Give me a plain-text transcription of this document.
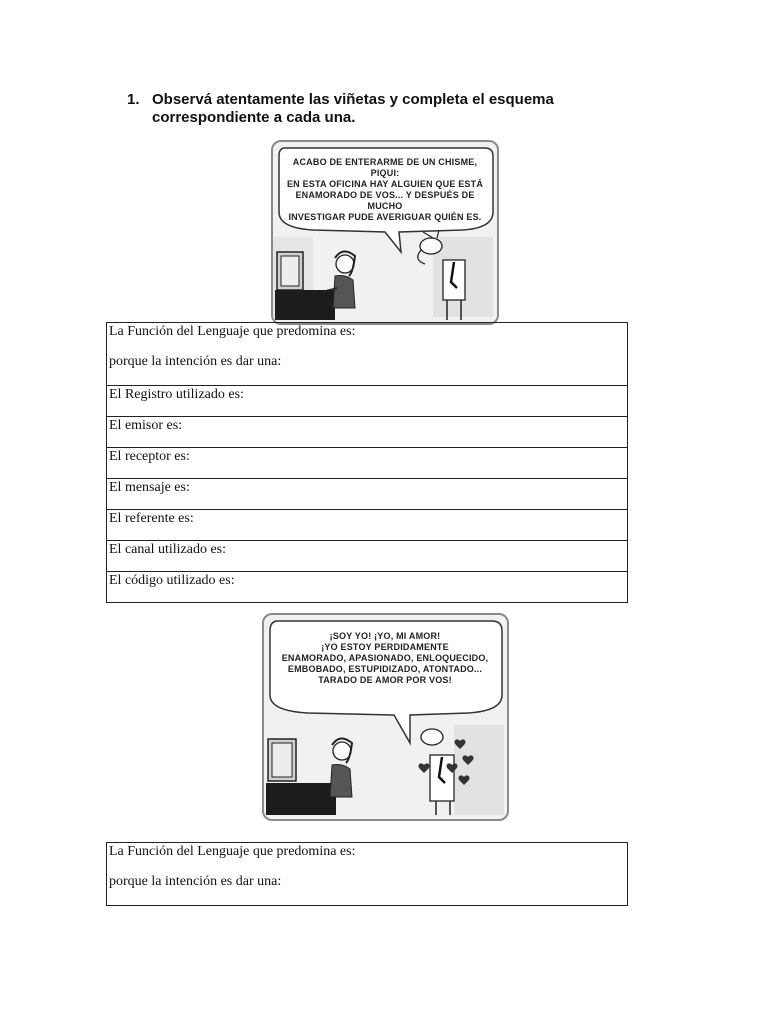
1. Observá atentamente las viñetas y completa el esquema correspondiente a cada una.
ACABO DE ENTERARME DE UN CHISME, PIQUI:
EN ESTA OFICINA HAY ALGUIEN QUE ESTÁ
ENAMORADO DE VOS... Y DESPUÉS DE MUCHO
INVESTIGAR PUDE AVERIGUAR QUIÉN ES.
La Función del Lenguaje que predomina es:
porque la intención es dar una:

El Registro utilizado es:
El emisor es:
El receptor es:
El mensaje es:
El referente es:
El canal utilizado es:
El código utilizado es:
¡SOY YO! ¡YO, MI AMOR!
¡YO ESTOY PERDIDAMENTE
ENAMORADO, APASIONADO, ENLOQUECIDO,
EMBOBADO, ESTUPIDIZADO, ATONTADO...
TARADO DE AMOR POR VOS!
La Función del Lenguaje que predomina es:
porque la intención es dar una:
